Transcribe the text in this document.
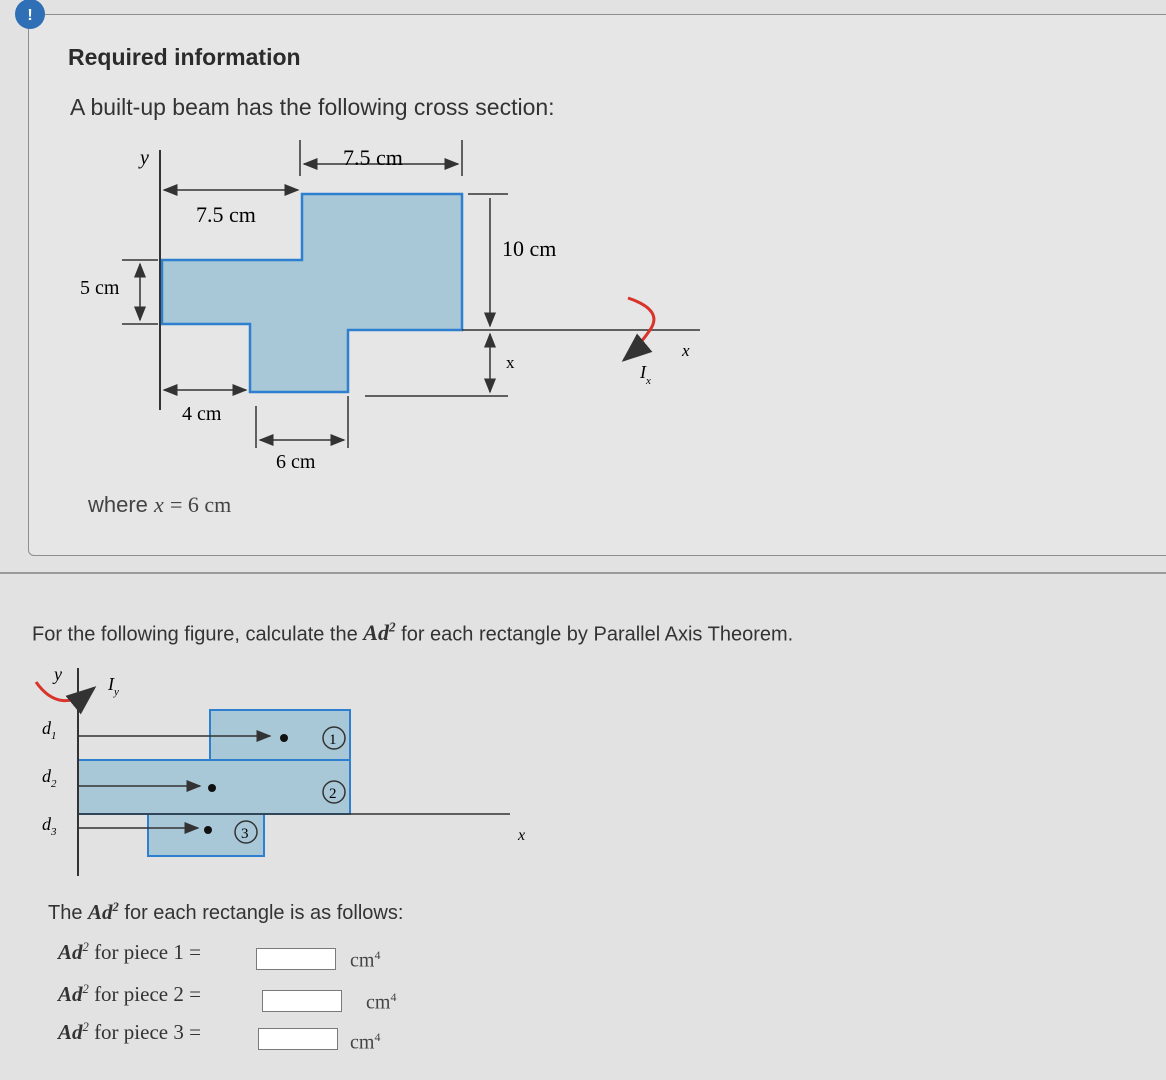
!
Required information
A built-up beam has the following cross section:
y	7.5 cm
7.5 cm
10 cm
x
x	$I_x$
5 cm
4 cm
6 cm
where x = 6 cm
For the following figure, calculate the Ad$^2$ for each rectangle by Parallel Axis Theorem.
y
x
$I_y$
$d_1$
$d_2$
$d_3$
1
2
3
The Ad$^2$ for each rectangle is as follows:
Ad$^2$ for piece 1 =	$cm^4$
Ad$^2$ for piece 2 =	$cm^4$
Ad$^2$ for piece 3 =	$cm^4$
